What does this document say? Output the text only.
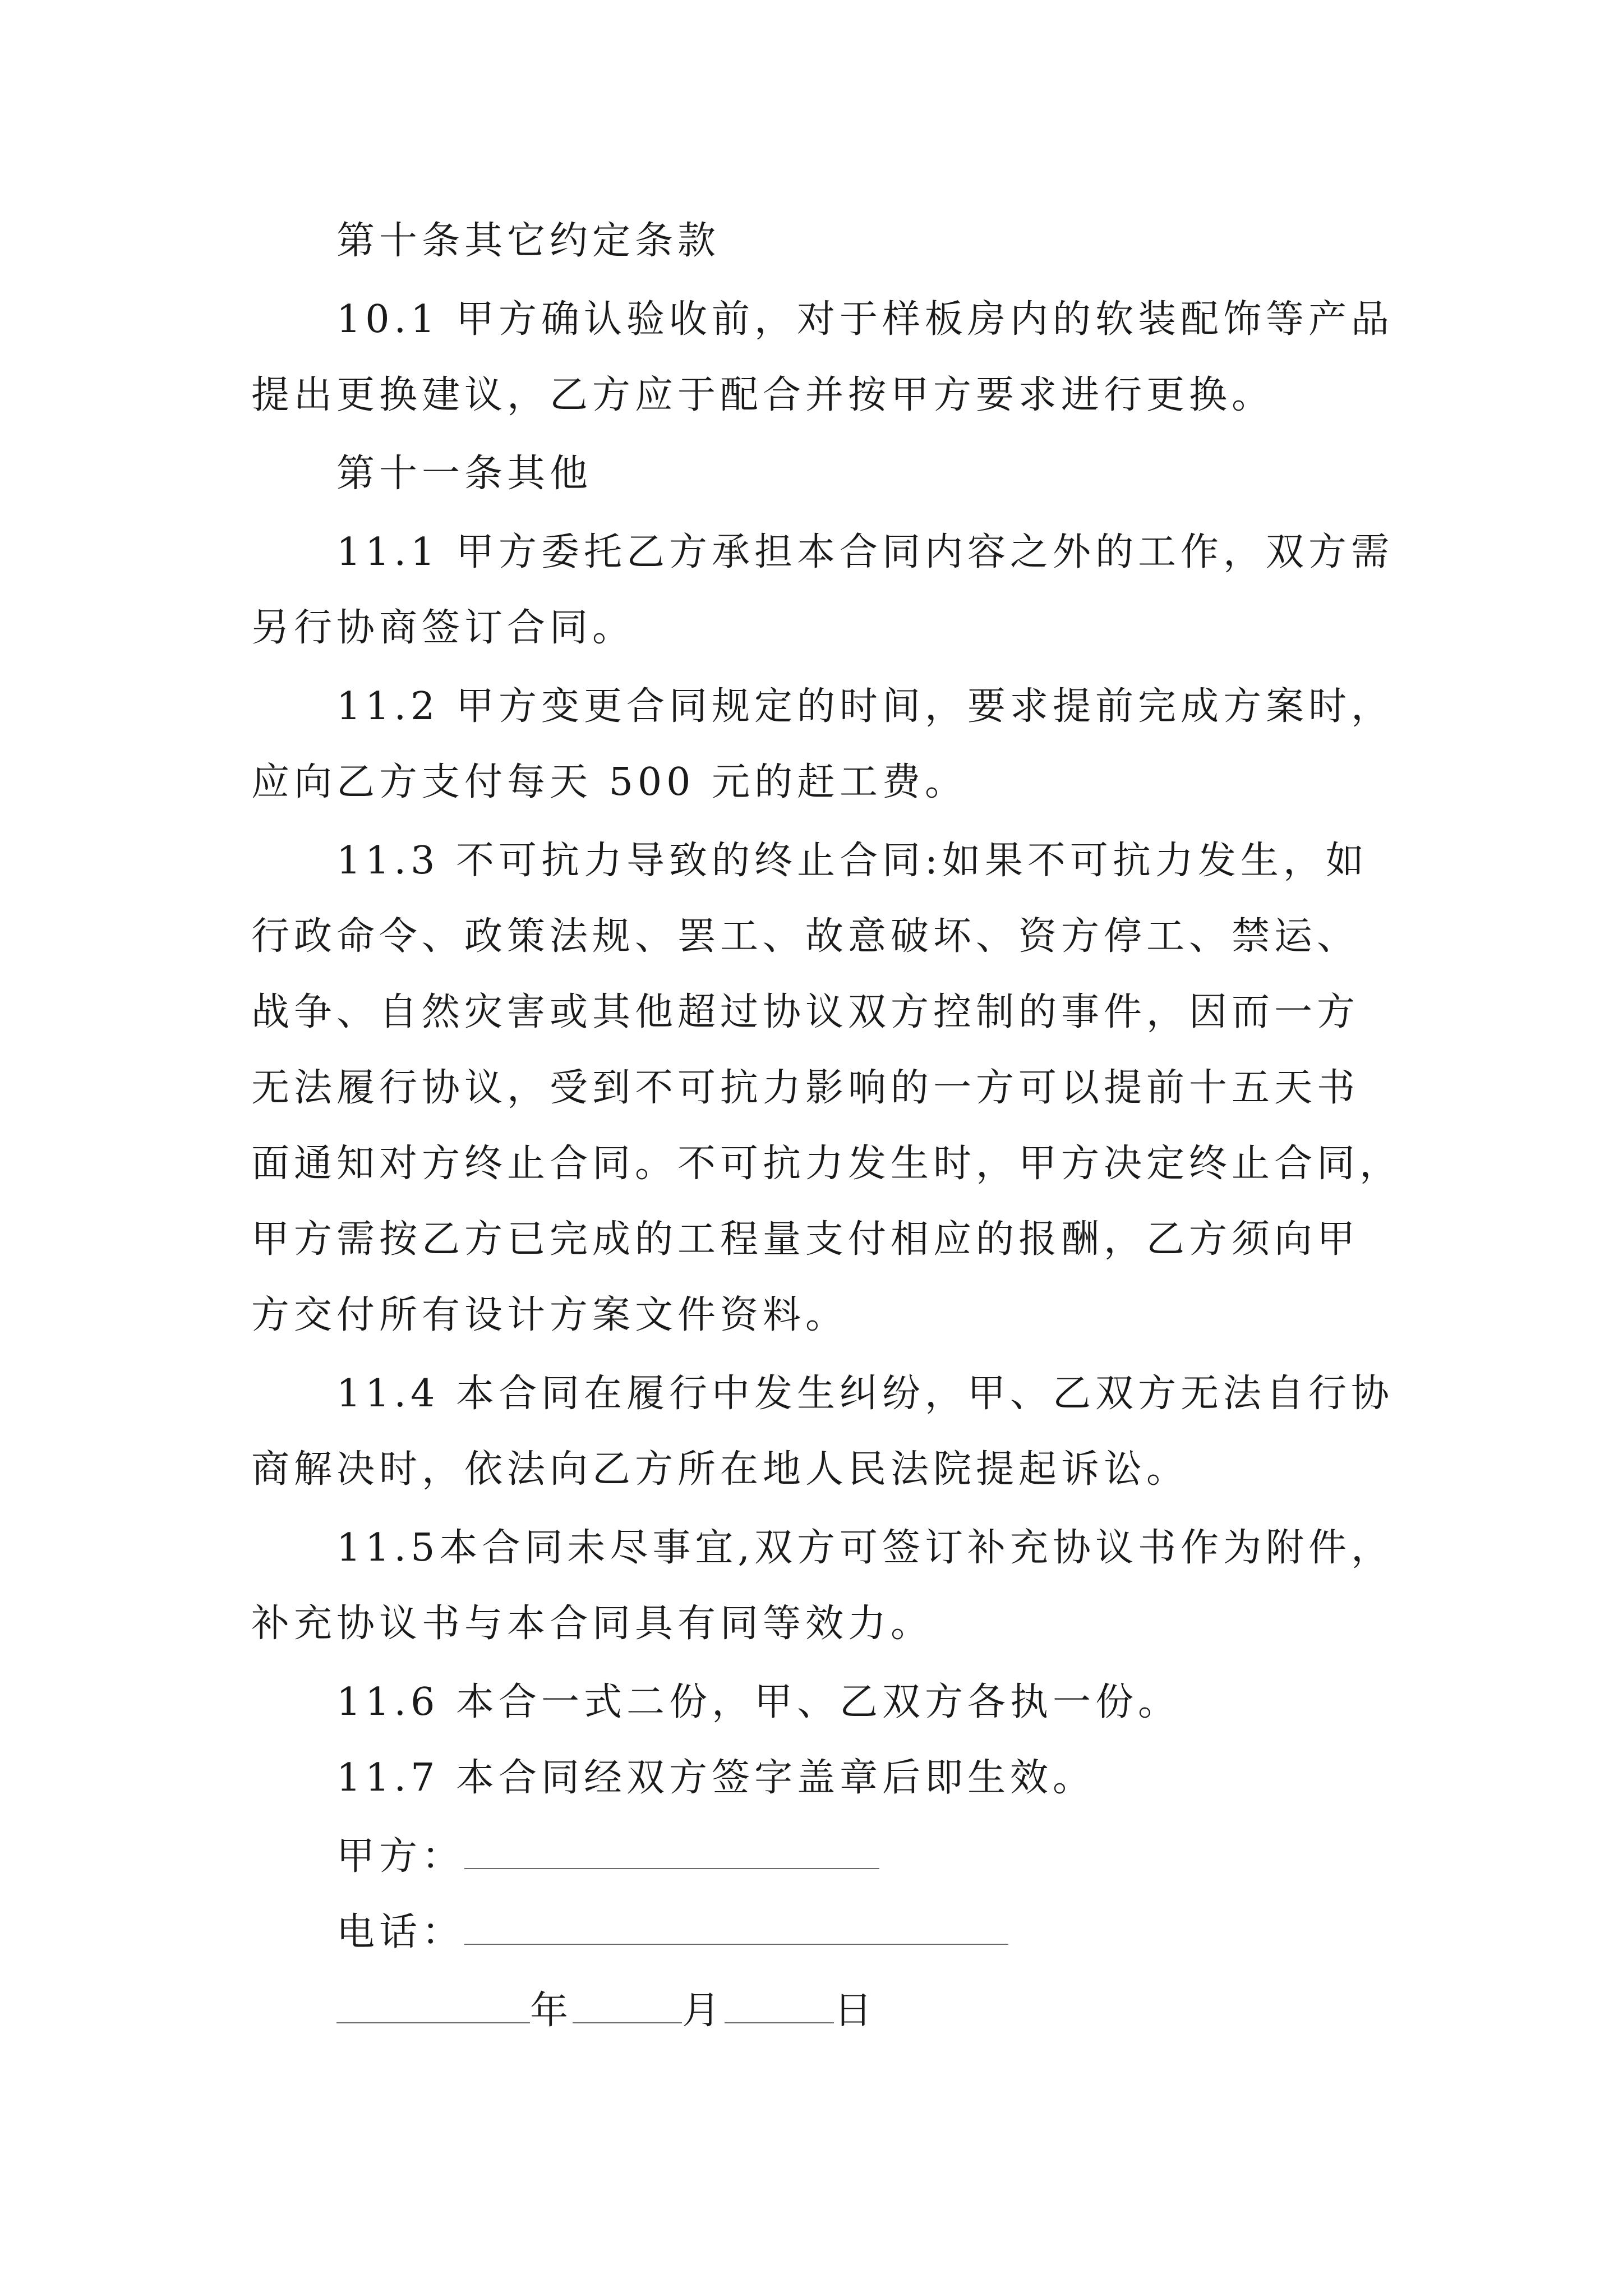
第十条其它约定条款
10.1 甲方确认验收前，对于样板房内的软装配饰等产品
提出更换建议，乙方应于配合并按甲方要求进行更换。
第十一条其他
11.1 甲方委托乙方承担本合同内容之外的工作，双方需
另行协商签订合同。
11.2 甲方变更合同规定的时间，要求提前完成方案时，
应向乙方支付每天 500 元的赶工费。
11.3 不可抗力导致的终止合同:如果不可抗力发生，如
行政命令、政策法规、罢工、故意破坏、资方停工、禁运、
战争、自然灾害或其他超过协议双方控制的事件，因而一方
无法履行协议，受到不可抗力影响的一方可以提前十五天书
面通知对方终止合同。不可抗力发生时，甲方决定终止合同，
甲方需按乙方已完成的工程量支付相应的报酬，乙方须向甲
方交付所有设计方案文件资料。
11.4 本合同在履行中发生纠纷，甲、乙双方无法自行协
商解决时，依法向乙方所在地人民法院提起诉讼。
11.5本合同未尽事宜,双方可签订补充协议书作为附件，
补充协议书与本合同具有同等效力。
11.6 本合一式二份，甲、乙双方各执一份。
11.7 本合同经双方签字盖章后即生效。
甲方：
电话：
年	月	日
